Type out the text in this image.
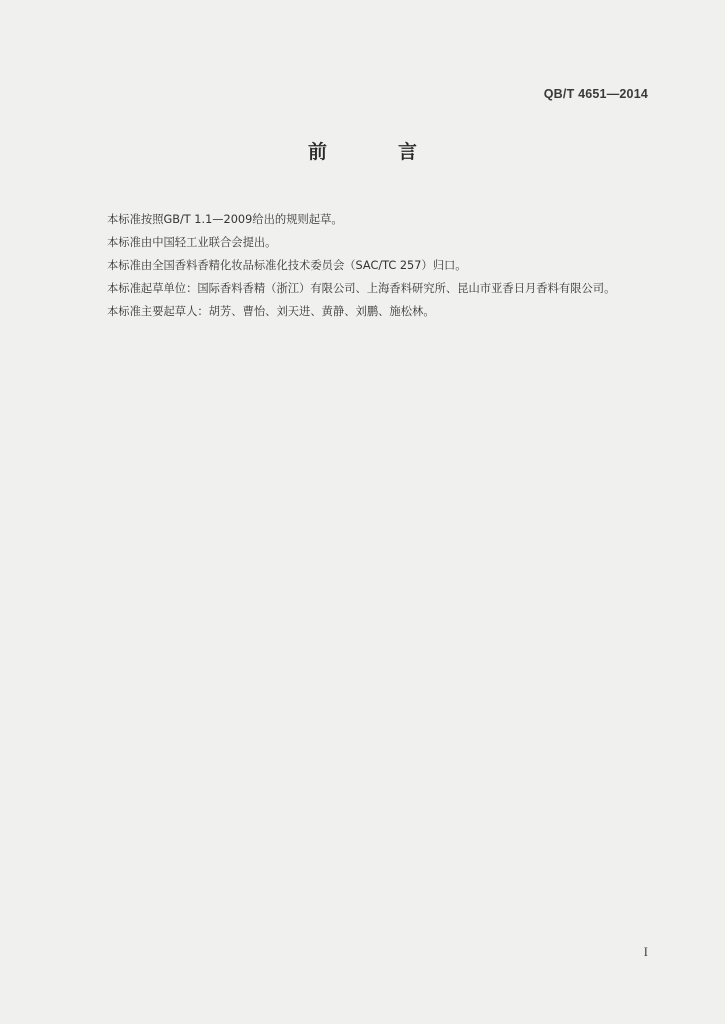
QB/T 4651—2014
前　言

本标准按照GB/T 1.1—2009给出的规则起草。

本标准由中国轻工业联合会提出。

本标准由全国香料香精化妆品标准化技术委员会（SAC/TC 257）归口。

本标准起草单位：国际香料香精（浙江）有限公司、上海香料研究所、昆山市亚香日月香料有限公司。

本标准主要起草人：胡芳、曹怡、刘天进、黄静、刘鹏、施松林。

I
